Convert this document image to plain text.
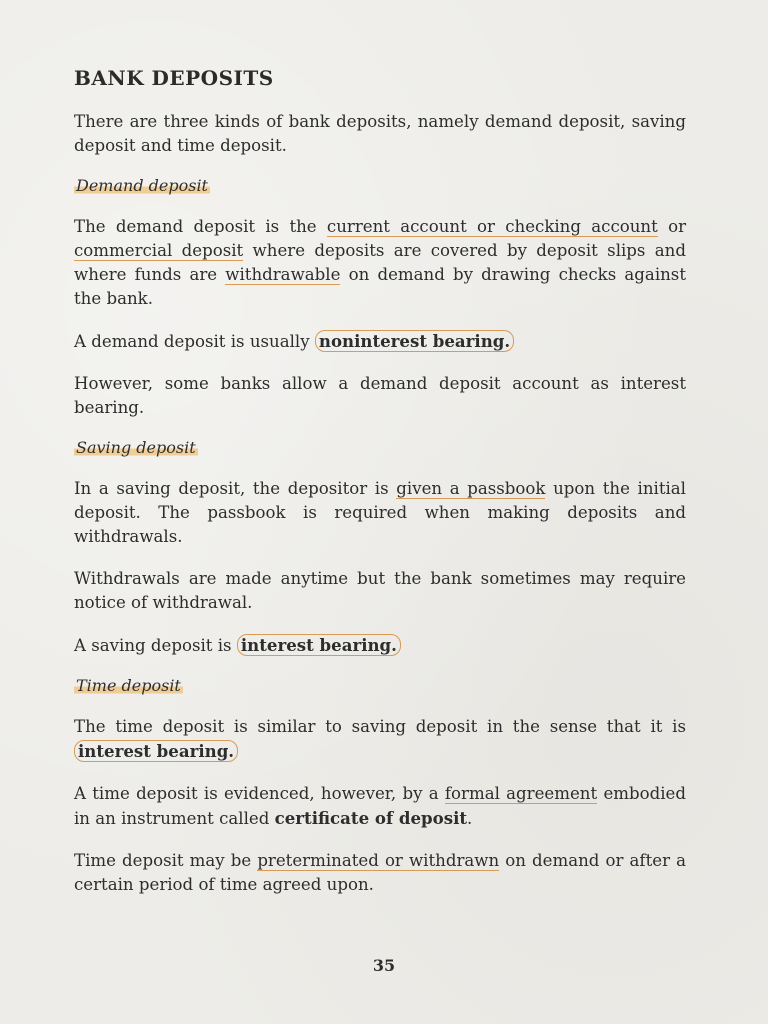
BANK DEPOSITS

There are three kinds of bank deposits, namely demand deposit, saving deposit and time deposit.

Demand deposit

The demand deposit is the current account or checking account or commercial deposit where deposits are covered by deposit slips and where funds are withdrawable on demand by drawing checks against the bank.

A demand deposit is usually noninterest bearing.

However, some banks allow a demand deposit account as interest bearing.

Saving deposit

In a saving deposit, the depositor is given a passbook upon the initial deposit. The passbook is required when making deposits and withdrawals.

Withdrawals are made anytime but the bank sometimes may require notice of withdrawal.

A saving deposit is interest bearing.

Time deposit

The time deposit is similar to saving deposit in the sense that it is interest bearing.

A time deposit is evidenced, however, by a formal agreement embodied in an instrument called certificate of deposit.

Time deposit may be preterminated or withdrawn on demand or after a certain period of time agreed upon.

35
